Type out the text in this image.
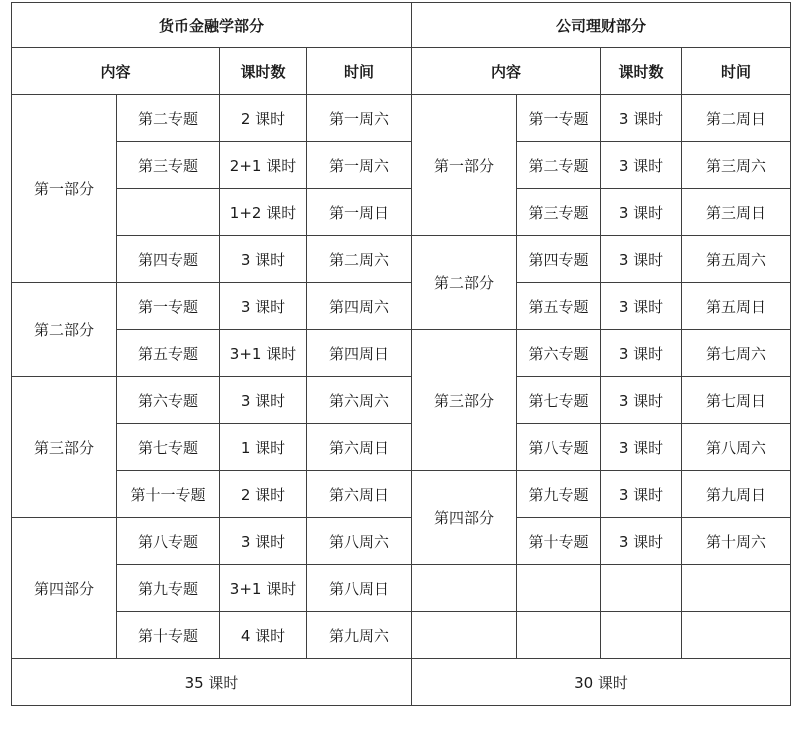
货币金融学部分				公司理财部分			
内容		课时数	时间	内容		课时数	时间
第一部分	第二专题	2 课时	第一周六	第一部分	第一专题	3 课时	第二周日
	第三专题	2+1 课时	第一周六		第二专题	3 课时	第三周六
		1+2 课时	第一周日		第三专题	3 课时	第三周日
	第四专题	3 课时	第二周六	第二部分	第四专题	3 课时	第五周六
第二部分	第一专题	3 课时	第四周六		第五专题	3 课时	第五周日
	第五专题	3+1 课时	第四周日	第三部分	第六专题	3 课时	第七周六
第三部分	第六专题	3 课时	第六周六		第七专题	3 课时	第七周日
	第七专题	1 课时	第六周日		第八专题	3 课时	第八周六
	第十一专题	2 课时	第六周日	第四部分	第九专题	3 课时	第九周日
第四部分	第八专题	3 课时	第八周六		第十专题	3 课时	第十周六
	第九专题	3+1 课时	第八周日				
	第十专题	4 课时	第九周六				
35 课时				30 课时			
